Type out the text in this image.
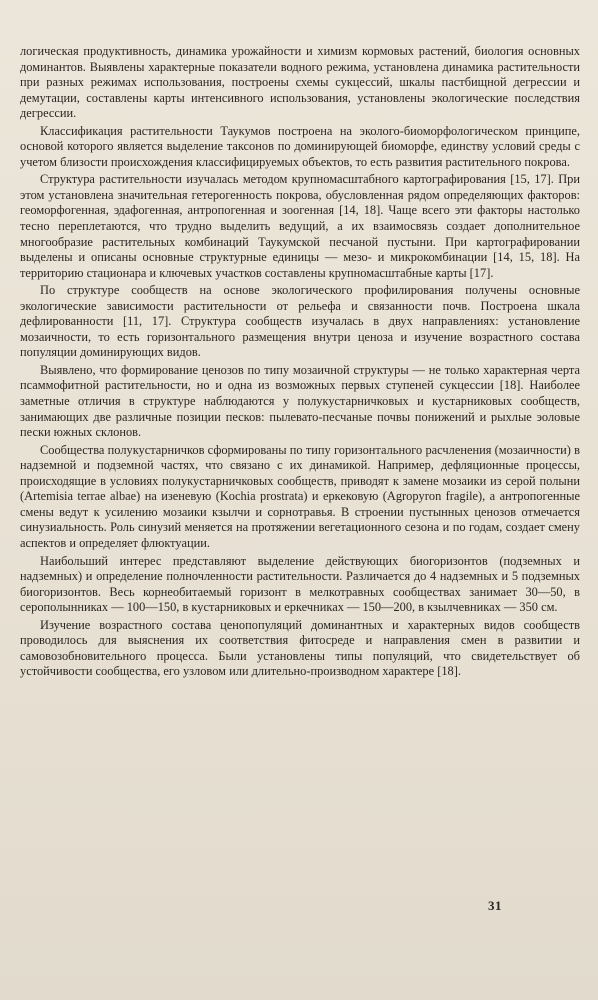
логическая продуктивность, динамика урожайности и химизм кормовых растений, биология основных доминантов. Выявлены характерные показатели водного режима, установлена динамика растительности при разных режимах использования, построены схемы сукцессий, шкалы пастбищной дегрессии и демутации, составлены карты интенсивного использования, установлены экологические последствия дегрессии.

Классификация растительности Таукумов построена на эколого-биоморфологическом принципе, основой которого является выделение таксонов по доминирующей биоморфе, единству условий среды с учетом близости происхождения классифицируемых объектов, то есть развития растительного покрова.

Структура растительности изучалась методом крупномасштабного картографирования [15, 17]. При этом установлена значительная гетерогенность покрова, обусловленная рядом определяющих факторов: геоморфогенная, эдафогенная, антропогенная и зоогенная [14, 18]. Чаще всего эти факторы настолько тесно переплетаются, что трудно выделить ведущий, а их взаимосвязь создает дополнительное многообразие растительных комбинаций Таукумской песчаной пустыни. При картографировании выделены и описаны основные структурные единицы — мезо- и микрокомбинации [14, 15, 18]. На территорию стационара и ключевых участков составлены крупномасштабные карты [17].

По структуре сообществ на основе экологического профилирования получены основные экологические зависимости растительности от рельефа и связанности почв. Построена шкала дефлированности [11, 17]. Структура сообществ изучалась в двух направлениях: установление мозаичности, то есть горизонтального размещения внутри ценоза и изучение возрастного состава популяции доминирующих видов.

Выявлено, что формирование ценозов по типу мозаичной структуры — не только характерная черта псаммофитной растительности, но и одна из возможных первых ступеней сукцессии [18]. Наиболее заметные отличия в структуре наблюдаются у полукустарничковых и кустарниковых сообществ, занимающих две различные позиции песков: пылевато-песчаные почвы понижений и рыхлые эоловые пески южных склонов.

Сообщества полукустарничков сформированы по типу горизонтального расчленения (мозаичности) в надземной и подземной частях, что связано с их динамикой. Например, дефляционные процессы, происходящие в условиях полукустарничковых сообществ, приводят к замене мозаики из серой полыни (Artemisia terrae albae) на изеневую (Kochia prostrata) и еркековую (Agropyron fragile), а антропогенные смены ведут к усилению мозаики кзылчи и сорнотравья. В строении пустынных ценозов отмечается синузиальность. Роль синузий меняется на протяжении вегетационного сезона и по годам, создает смену аспектов и определяет флюктуации.

Наибольший интерес представляют выделение действующих биогоризонтов (подземных и надземных) и определение полночленности растительности. Различается до 4 надземных и 5 подземных биогоризонтов. Весь корнеобитаемый горизонт в мелкотравных сообществах занимает 30—50, в серополынниках — 100—150, в кустарниковых и еркечниках — 150—200, в кзылчевниках — 350 см.

Изучение возрастного состава ценопопуляций доминантных и характерных видов сообществ проводилось для выяснения их соответствия фитосреде и направления смен в развитии и самовозобновительного процесса. Были установлены типы популяций, что свидетельствует об устойчивости сообщества, его узловом или длительно-производном характере [18].

31
